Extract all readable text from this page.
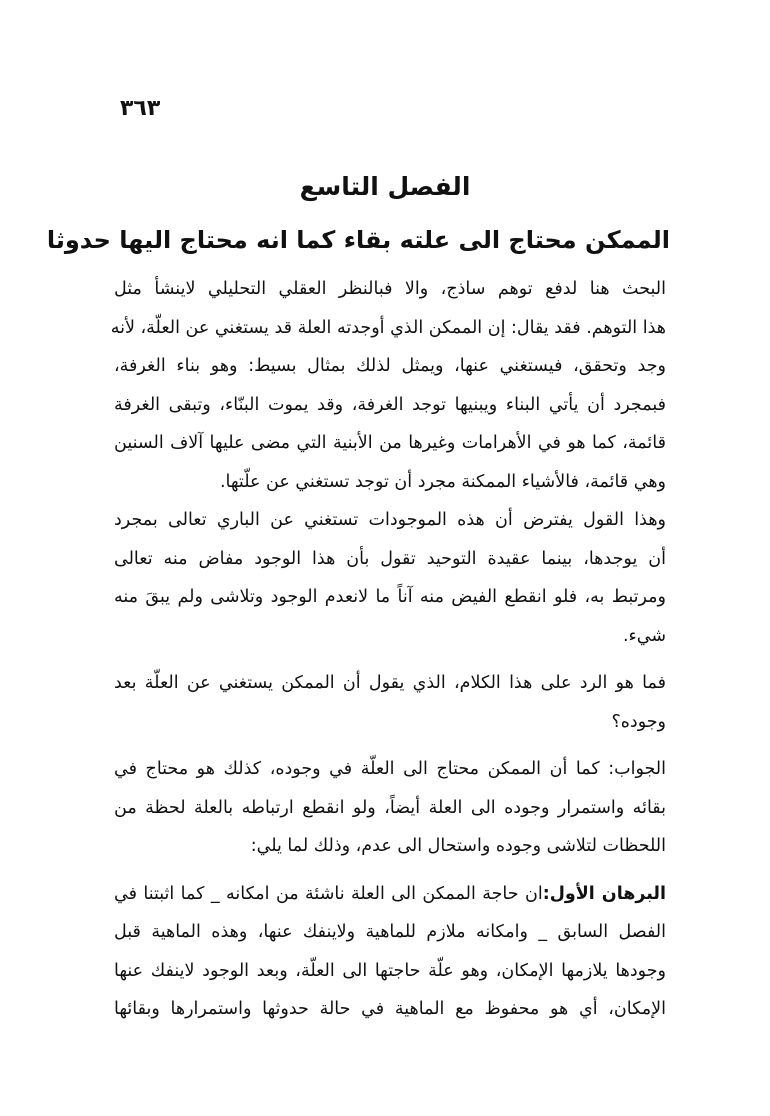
٣٦٣
الفصل التاسع
الممكن محتاج الى علته بقاء كما انه محتاج اليها حدوثا

البحث هنا لدفع توهم ساذج، والا فبالنظر العقلي التحليلي لاينشأ مثل
هذا التوهم. فقد يقال: إن الممكن الذي أوجدته العلة قد يستغني عن العلّة، لأنه
وجد وتحقق، فيستغني عنها، ويمثل لذلك بمثال بسيط: وهو بناء الغرفة،
فبمجرد أن يأتي البناء ويبنيها توجد الغرفة، وقد يموت البنّاء، وتبقى الغرفة
قائمة، كما هو في الأهرامات وغيرها من الأبنية التي مضى عليها آلاف السنين
وهي قائمة، فالأشياء الممكنة مجرد أن توجد تستغني عن علّتها.

وهذا القول يفترض أن هذه الموجودات تستغني عن الباري تعالى بمجرد
أن يوجدها، بينما عقيدة التوحيد تقول بأن هذا الوجود مفاض منه تعالى
ومرتبط به، فلو انقطع الفيض منه آناً ما لانعدم الوجود وتلاشى ولم يبقَ منه
شيء.

فما هو الرد على هذا الكلام، الذي يقول أن الممكن يستغني عن العلّة بعد
وجوده؟

الجواب: كما أن الممكن محتاج الى العلّة في وجوده، كذلك هو محتاج في
بقائه واستمرار وجوده الى العلة أيضاً، ولو انقطع ارتباطه بالعلة لحظة من
اللحظات لتلاشى وجوده واستحال الى عدم، وذلك لما يلي:

البرهان الأول:ان حاجة الممكن الى العلة ناشئة من امكانه _ كما اثبتنا في
الفصل السابق _ وامكانه ملازم للماهية ولاينفك عنها، وهذه الماهية قبل
وجودها يلازمها الإمكان، وهو علّة حاجتها الى العلّة، وبعد الوجود لاينفك عنها
الإمكان، أي هو محفوظ مع الماهية في حالة حدوثها واستمرارها وبقائها
